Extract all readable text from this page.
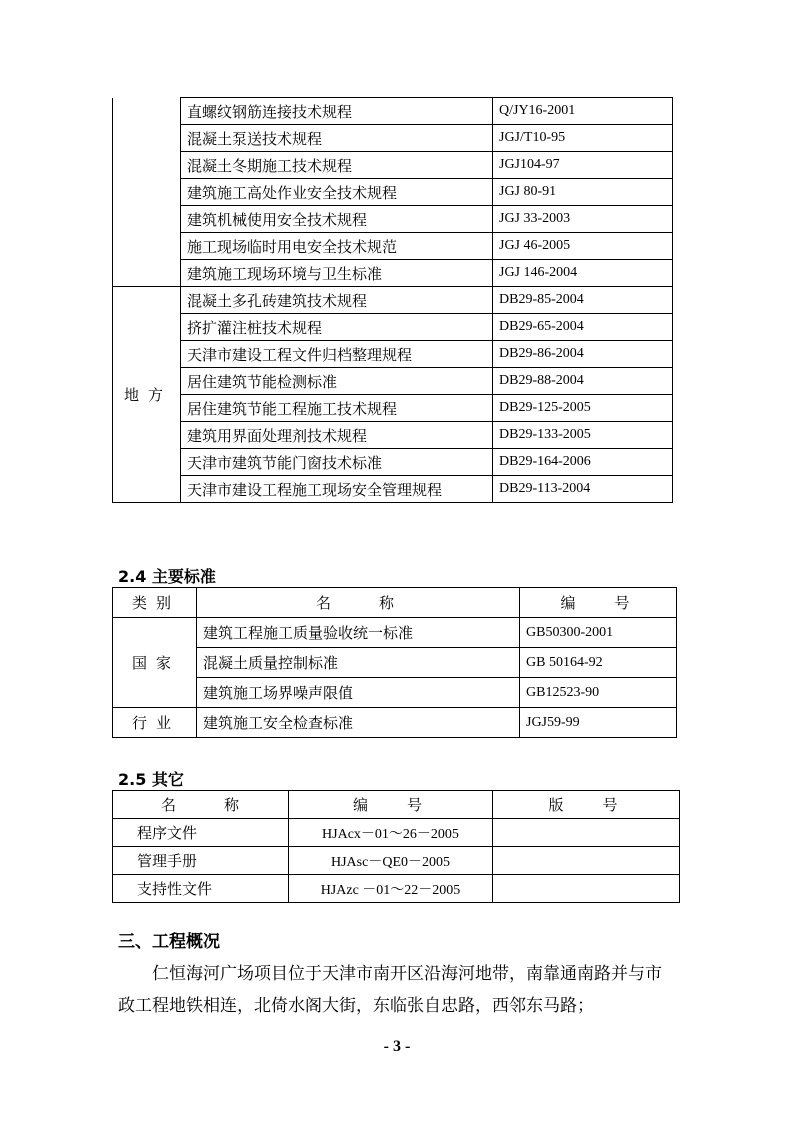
	直螺纹钢筋连接技术规程	Q/JY16-2001
	混凝土泵送技术规程	JGJ/T10-95
	混凝土冬期施工技术规程	JGJ104-97
	建筑施工高处作业安全技术规程	JGJ 80-91
	建筑机械使用安全技术规程	JGJ 33-2003
	施工现场临时用电安全技术规范	JGJ 46-2005
	建筑施工现场环境与卫生标准	JGJ 146-2004
地方	混凝土多孔砖建筑技术规程	DB29-85-2004
	挤扩灌注桩技术规程	DB29-65-2004
	天津市建设工程文件归档整理规程	DB29-86-2004
	居住建筑节能检测标准	DB29-88-2004
	居住建筑节能工程施工技术规程	DB29-125-2005
	建筑用界面处理剂技术规程	DB29-133-2005
	天津市建筑节能门窗技术标准	DB29-164-2006
	天津市建设工程施工现场安全管理规程	DB29-113-2004
2.4 主要标准
类别	名称	编号
国家	建筑工程施工质量验收统一标准	GB50300-2001
	混凝土质量控制标准	GB 50164-92
	建筑施工场界噪声限值	GB12523-90
行业	建筑施工安全检查标准	JGJ59-99
2.5 其它
名称	编号	版号
程序文件	HJAcx－01～26－2005	
管理手册	HJAsc－QE0－2005	
支持性文件	HJAzc －01～22－2005	
三、工程概况
仁恒海河广场项目位于天津市南开区沿海河地带，南靠通南路并与市政工程地铁相连，北倚水阁大街，东临张自忠路，西邻东马路；
- 3 -
